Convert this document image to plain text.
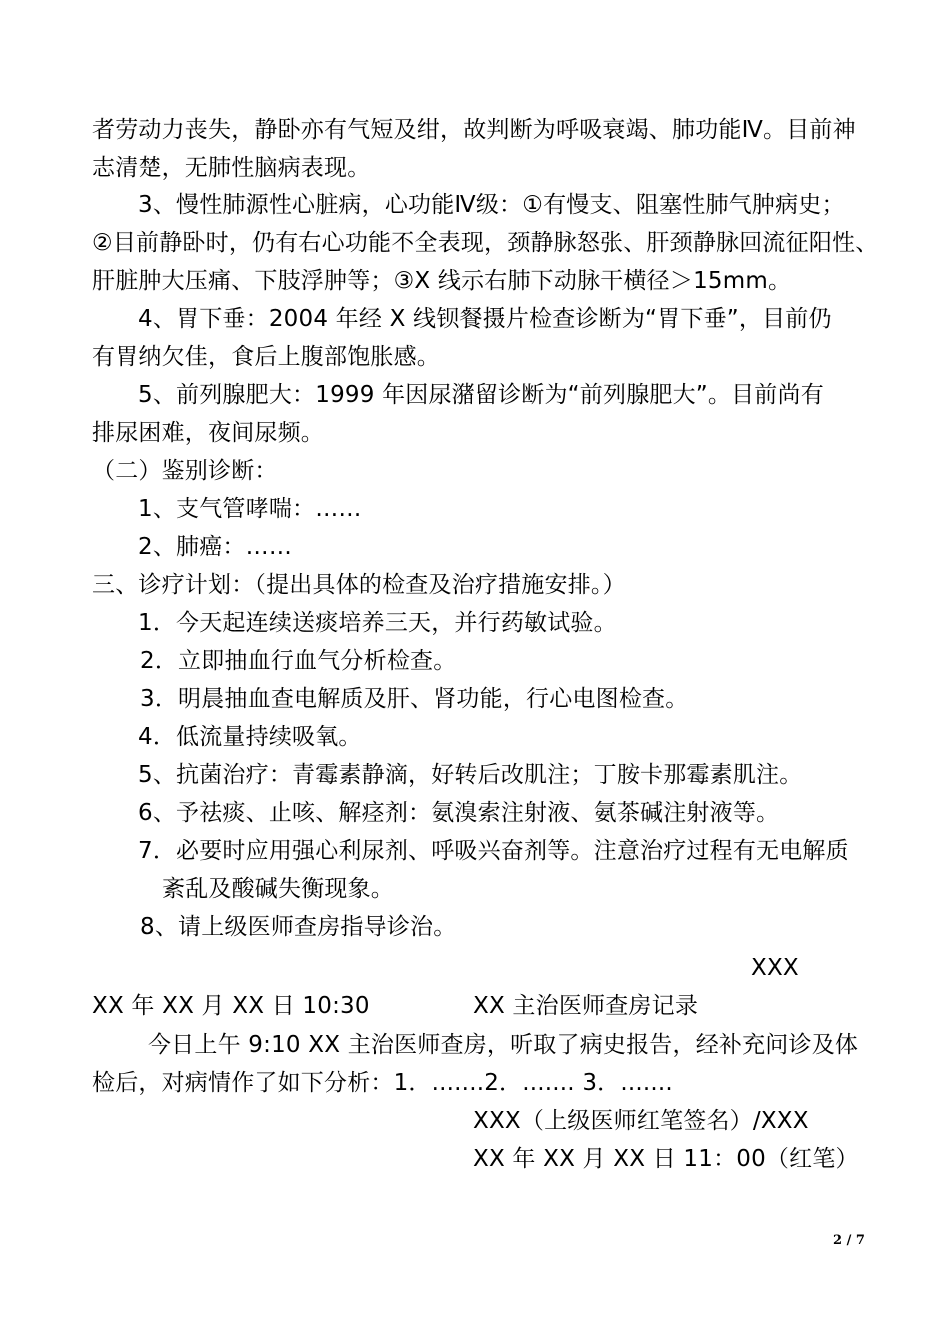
者劳动力丧失，静卧亦有气短及绀，故判断为呼吸衰竭、肺功能Ⅳ。目前神
志清楚，无肺性脑病表现。
3、慢性肺源性心脏病，心功能Ⅳ级：①有慢支、阻塞性肺气肿病史；
②目前静卧时，仍有右心功能不全表现，颈静脉怒张、肝颈静脉回流征阳性、
肝脏肿大压痛、下肢浮肿等；③X 线示右肺下动脉干横径＞15mm。
4、胃下垂：2004 年经 X 线钡餐摄片检查诊断为“胃下垂”，目前仍
有胃纳欠佳，食后上腹部饱胀感。
5、前列腺肥大：1999 年因尿潴留诊断为“前列腺肥大”。目前尚有
排尿困难，夜间尿频。
（二）鉴别诊断：
1、支气管哮喘：……
2、肺癌：……
三、诊疗计划：（提出具体的检查及治疗措施安排。）
1．今天起连续送痰培养三天，并行药敏试验。
2．立即抽血行血气分析检查。
3．明晨抽血查电解质及肝、肾功能，行心电图检查。
4．低流量持续吸氧。
5、抗菌治疗：青霉素静滴，好转后改肌注；丁胺卡那霉素肌注。
6、予祛痰、止咳、解痉剂：氨溴索注射液、氨茶碱注射液等。
7．必要时应用强心利尿剂、呼吸兴奋剂等。注意治疗过程有无电解质
紊乱及酸碱失衡现象。
8、请上级医师查房指导诊治。
XXX
XX 年 XX 月 XX 日 10:30	XX 主治医师查房记录
今日上午 9:10 XX 主治医师查房，听取了病史报告，经补充问诊及体
检后，对病情作了如下分析：1．.......2．....... 3．.......
XXX（上级医师红笔签名）/XXX
XX 年 XX 月 XX 日 11：00（红笔）
2 / 7
